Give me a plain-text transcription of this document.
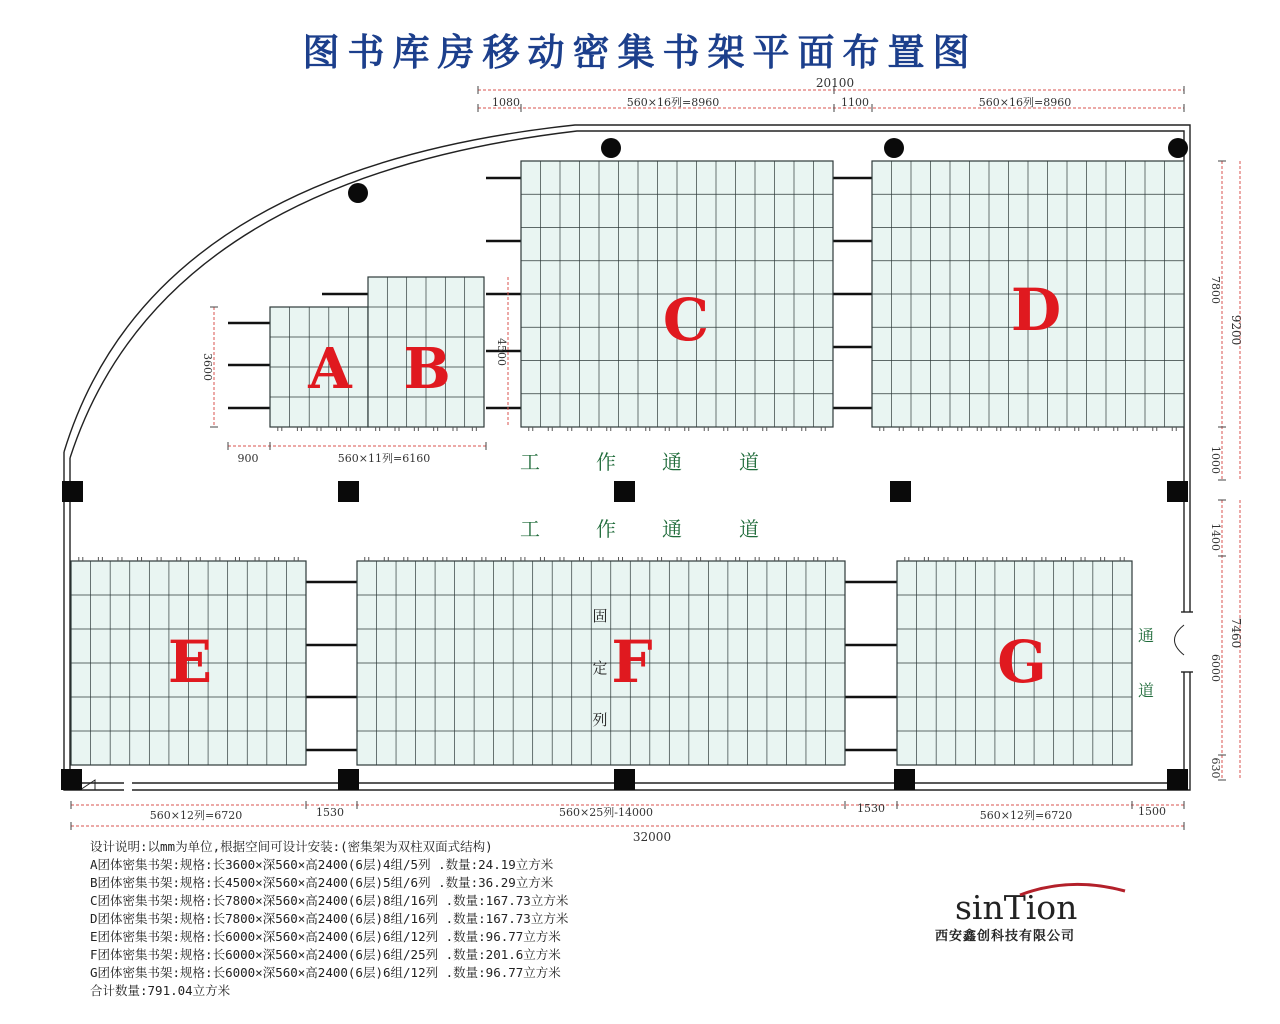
图书库房移动密集书架平面布置图
20100
1080	560×16列=8960	1100	560×16列=8960
900	560×11列=6160
3600
4500
7800
1000
9200
1400
6000
630
7460
560×12列=6720	1530	560×25列-14000	1530
560×12列=6720	1500
32000
A B
C	D
E	F	G
固
定
列
工	作 通	道
工	作 通	道
通
道
设计说明:以mm为单位,根据空间可设计安装:(密集架为双柱双面式结构)
A团体密集书架:规格:长3600×深560×高2400(6层)4组/5列 .数量:24.19立方米
B团体密集书架:规格:长4500×深560×高2400(6层)5组/6列 .数量:36.29立方米
C团体密集书架:规格:长7800×深560×高2400(6层)8组/16列 .数量:167.73立方米
D团体密集书架:规格:长7800×深560×高2400(6层)8组/16列 .数量:167.73立方米
E团体密集书架:规格:长6000×深560×高2400(6层)6组/12列 .数量:96.77立方米
F团体密集书架:规格:长6000×深560×高2400(6层)6组/25列 .数量:201.6立方米
G团体密集书架:规格:长6000×深560×高2400(6层)6组/12列 .数量:96.77立方米
合计数量:791.04立方米
sinTion
西安鑫创科技有限公司
